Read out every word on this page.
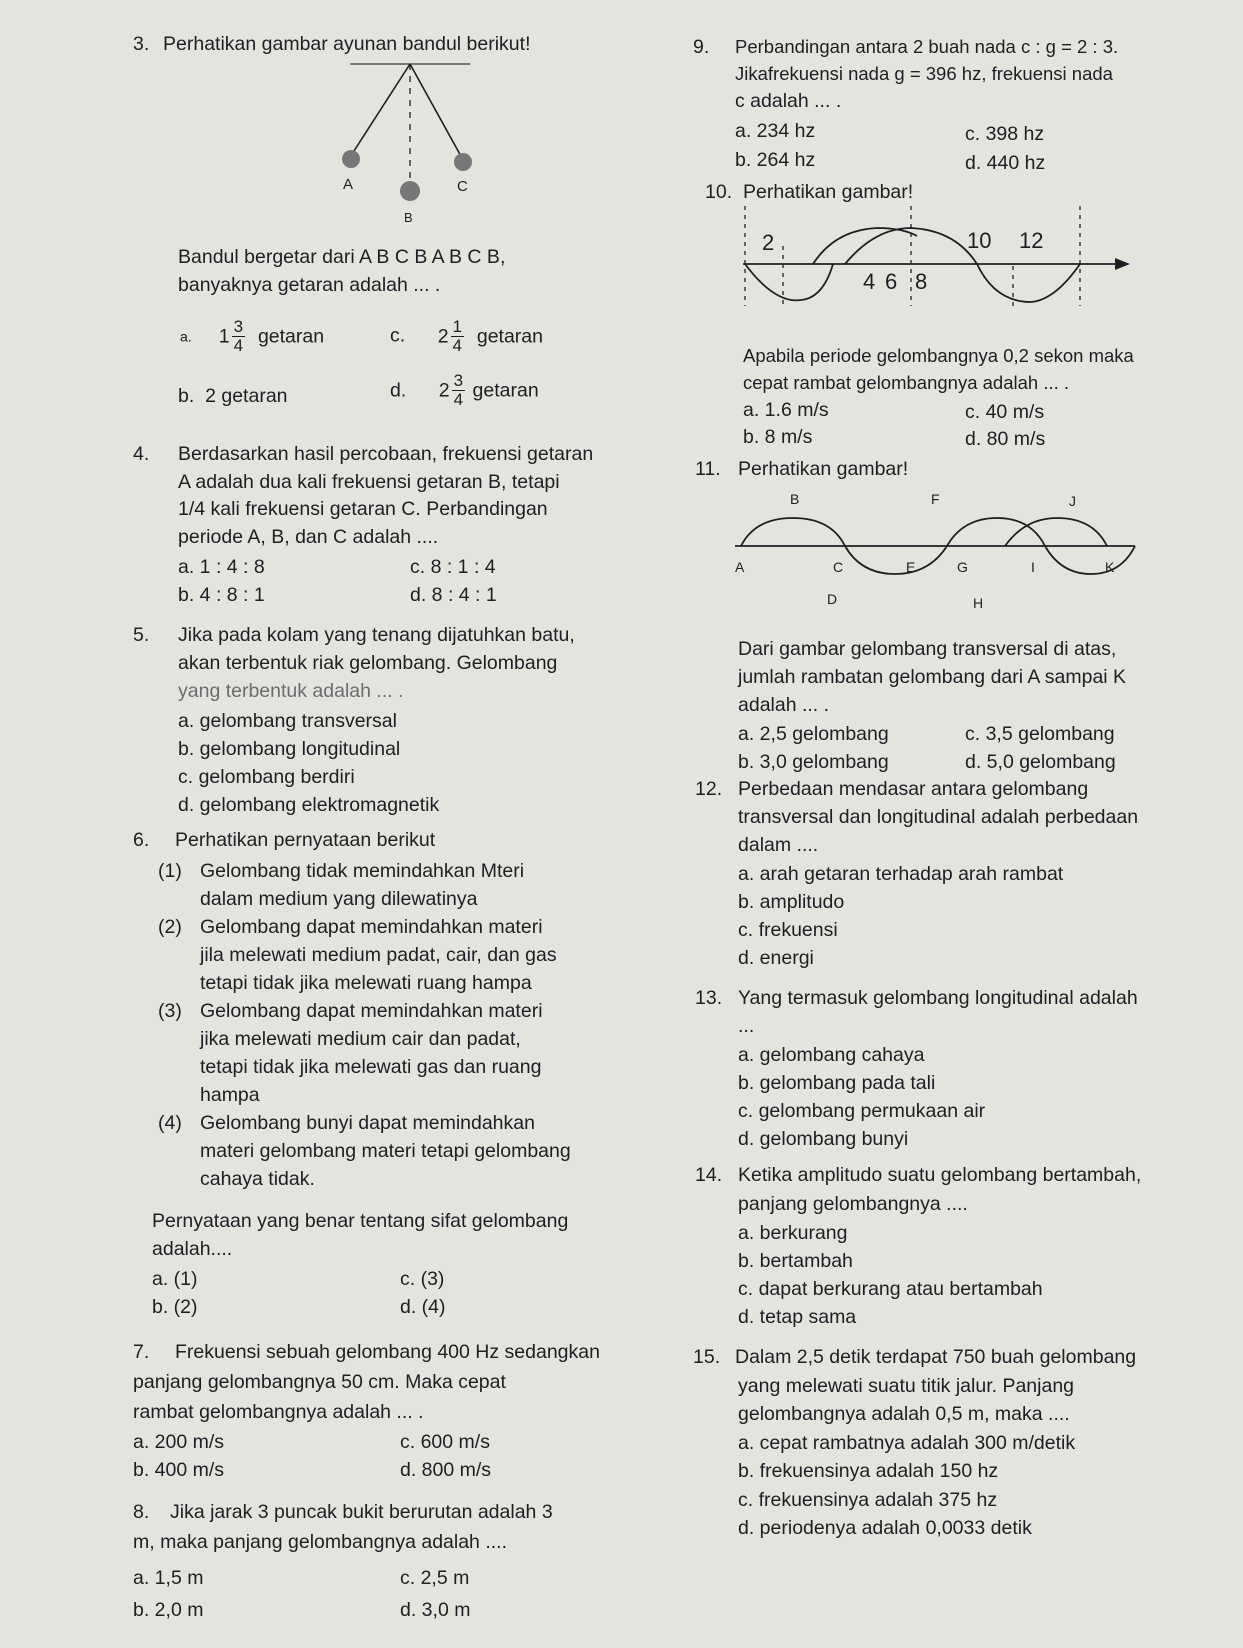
3. Perhatikan gambar ayunan bandul berikut!
A	C
B
Bandul bergetar dari A B C B A B C B,
banyaknya getaran adalah ... .
a. $1 \frac{3}{4}$ getaran	c. $2 \frac{1}{4}$ getaran
b. 2 getaran	d. $2 \frac{3}{4}$ getaran
4. Berdasarkan hasil percobaan, frekuensi getaran
A adalah dua kali frekuensi getaran B, tetapi
1/4 kali frekuensi getaran C. Perbandingan
periode A, B, dan C adalah ....
a. 1 : 4 : 8	c. 8 : 1 : 4
b. 4 : 8 : 1	d. 8 : 4 : 1
5. Jika pada kolam yang tenang dijatuhkan batu,
akan terbentuk riak gelombang. Gelombang
yang terbentuk adalah ... .
a. gelombang transversal
b. gelombang longitudinal
c. gelombang berdiri
d. gelombang elektromagnetik
6. Perhatikan pernyataan berikut
(1) Gelombang tidak memindahkan Mteri
dalam medium yang dilewatinya
(2) Gelombang dapat memindahkan materi
jila melewati medium padat, cair, dan gas
tetapi tidak jika melewati ruang hampa
(3) Gelombang dapat memindahkan materi
jika melewati medium cair dan padat,
tetapi tidak jika melewati gas dan ruang
hampa
(4) Gelombang bunyi dapat memindahkan
materi gelombang materi tetapi gelombang
cahaya tidak.
Pernyataan yang benar tentang sifat gelombang
adalah....
a. (1)	c. (3)
b. (2)	d. (4)
7. Frekuensi sebuah gelombang 400 Hz sedangkan
panjang gelombangnya 50 cm. Maka cepat
rambat gelombangnya adalah ... .
a. 200 m/s	c. 600 m/s
b. 400 m/s	d. 800 m/s
8. Jika jarak 3 puncak bukit berurutan adalah 3
m, maka panjang gelombangnya adalah ....
a. 1,5 m	c. 2,5 m
b. 2,0 m	d. 3,0 m
9. Perbandingan antara 2 buah nada c : g = 2 : 3.
Jikafrekuensi nada g = 396 hz, frekuensi nada
c adalah ... .
a. 234 hz	c. 398 hz
b. 264 hz	d. 440 hz
10. Perhatikan gambar!
2	10 12
4 6 8
Apabila periode gelombangnya 0,2 sekon maka
cepat rambat gelombangnya adalah ... .
a. 1.6 m/s	c. 40 m/s
b. 8 m/s	d. 80 m/s
11. Perhatikan gambar!
B	F	J
A	C	E	G	I	K
D	H
Dari gambar gelombang transversal di atas,
jumlah rambatan gelombang dari A sampai K
adalah ... .
a. 2,5 gelombang	c. 3,5 gelombang
b. 3,0 gelombang	d. 5,0 gelombang
12. Perbedaan mendasar antara gelombang
transversal dan longitudinal adalah perbedaan
dalam ....
a. arah getaran terhadap arah rambat
b. amplitudo
c. frekuensi
d. energi
13. Yang termasuk gelombang longitudinal adalah
...
a. gelombang cahaya
b. gelombang pada tali
c. gelombang permukaan air
d. gelombang bunyi
14. Ketika amplitudo suatu gelombang bertambah,
panjang gelombangnya ....
a. berkurang
b. bertambah
c. dapat berkurang atau bertambah
d. tetap sama
15. Dalam 2,5 detik terdapat 750 buah gelombang
yang melewati suatu titik jalur. Panjang
gelombangnya adalah 0,5 m, maka ....
a. cepat rambatnya adalah 300 m/detik
b. frekuensinya adalah 150 hz
c. frekuensinya adalah 375 hz
d. periodenya adalah 0,0033 detik
